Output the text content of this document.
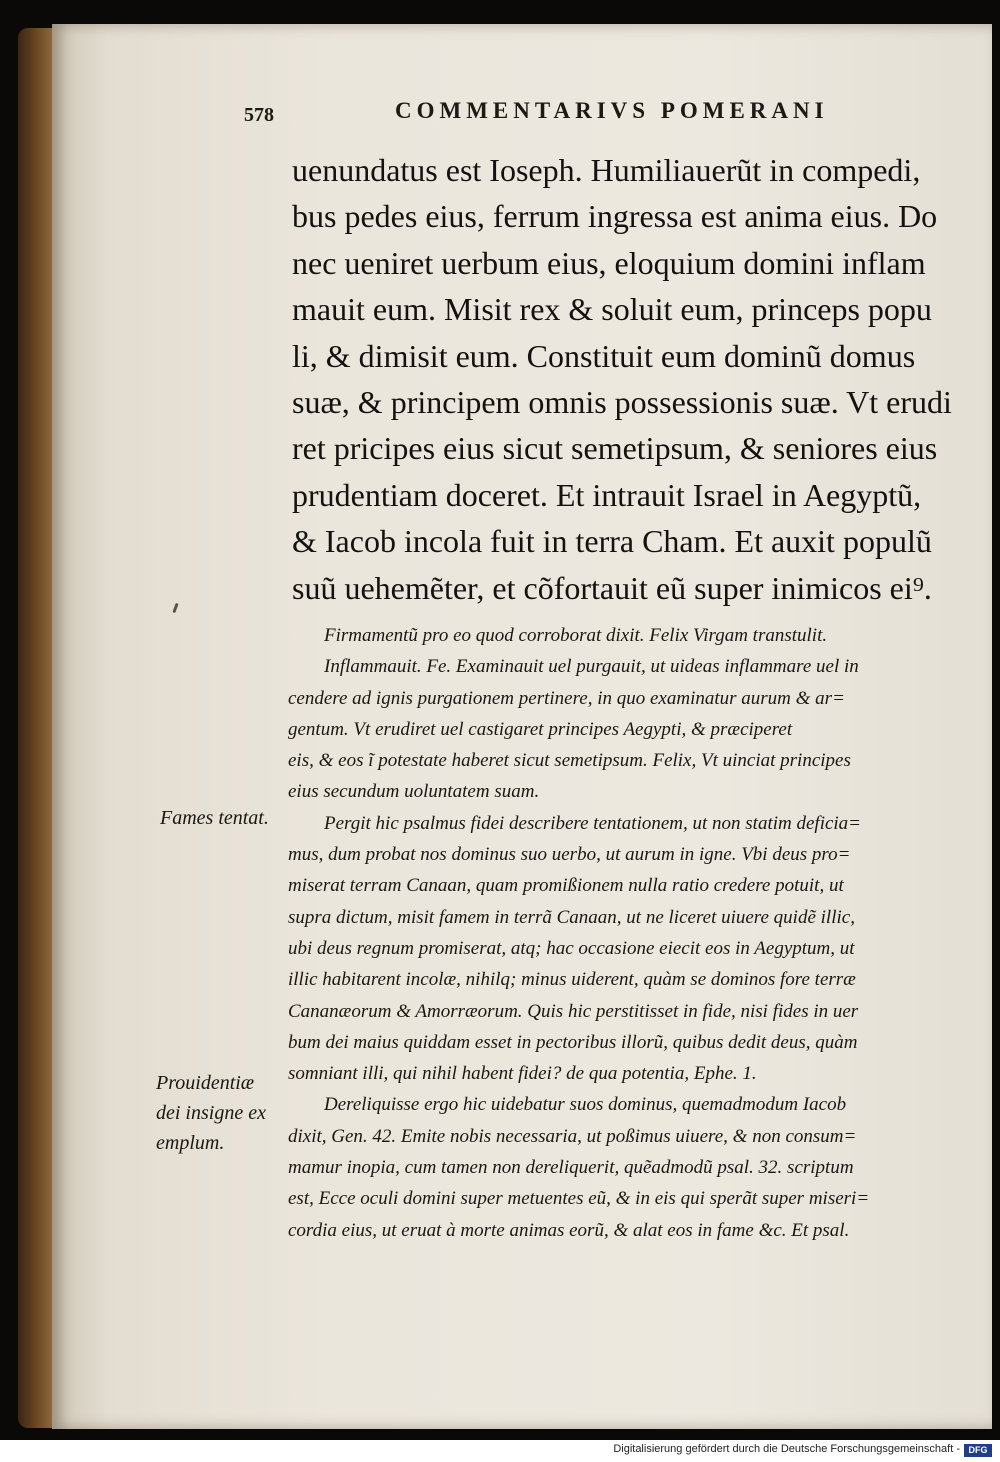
578	COMMENTARIVS POMERANI
uenundatus est Ioseph. Humiliauerũt in compedi,
bus pedes eius, ferrum ingressa est anima eius. Do
nec ueniret uerbum eius, eloquium domini inflam
mauit eum. Misit rex & soluit eum, princeps popu
li, & dimisit eum. Constituit eum dominũ domus
suæ, & principem omnis possessionis suæ. Vt erudi
ret pricipes eius sicut semetipsum, & seniores eius
prudentiam doceret. Et intrauit Israel in Aegyptũ,
& Iacob incola fuit in terra Cham. Et auxit populũ
suũ uehemẽter, et cõfortauit eũ super inimicos ei⁹.
Firmamentũ pro eo quod corroborat dixit. Felix Virgam transtulit.
Inflammauit. Fe. Examinauit uel purgauit, ut uideas inflammare uel in
cendere ad ignis purgationem pertinere, in quo examinatur aurum & ar=
gentum. Vt erudiret uel castigaret principes Aegypti, & præciperet
eis, & eos ĩ potestate haberet sicut semetipsum. Felix, Vt uinciat principes
eius secundum uoluntatem suam.
Pergit hic psalmus fidei describere tentationem, ut non statim deficia=
mus, dum probat nos dominus suo uerbo, ut aurum in igne. Vbi deus pro=
miserat terram Canaan, quam promißionem nulla ratio credere potuit, ut
supra dictum, misit famem in terrã Canaan, ut ne liceret uiuere quidẽ illic,
ubi deus regnum promiserat, atq; hac occasione eiecit eos in Aegyptum, ut
illic habitarent incolæ, nihilq; minus uiderent, quàm se dominos fore terræ
Cananæorum & Amorræorum. Quis hic perstitisset in fide, nisi fides in uer
bum dei maius quiddam esset in pectoribus illorũ, quibus dedit deus, quàm
somniant illi, qui nihil habent fidei? de qua potentia, Ephe. 1.
Dereliquisse ergo hic uidebatur suos dominus, quemadmodum Iacob
dixit, Gen. 42. Emite nobis necessaria, ut poßimus uiuere, & non consum=
mamur inopia, cum tamen non dereliquerit, quẽadmodũ psal. 32. scriptum
est, Ecce oculi domini super metuentes eũ, & in eis qui sperãt super miseri=
cordia eius, ut eruat à morte animas eorũ, & alat eos in fame &c. Et psal.
Fames tentat.
Prouidentiæ
dei insigne ex
emplum.
Digitalisierung gefördert durch die Deutsche Forschungsgemeinschaft - DFG
